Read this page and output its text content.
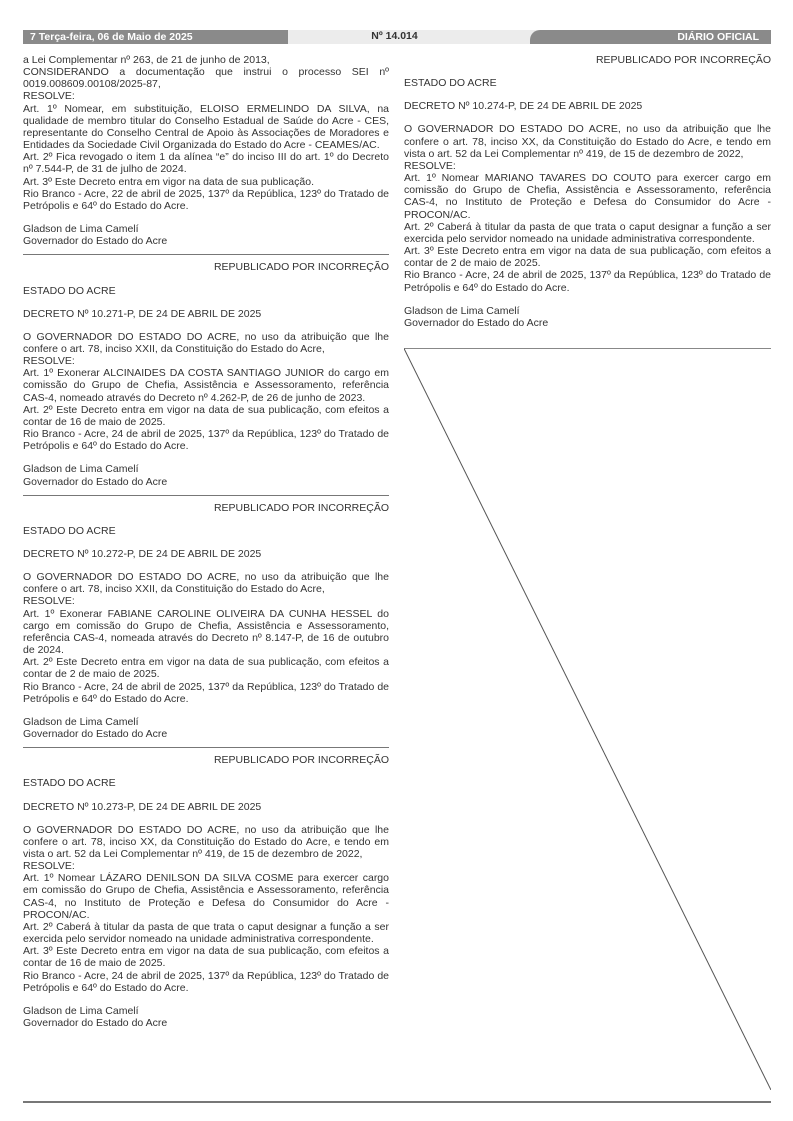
7 Terça-feira, 06 de Maio de 2025	Nº 14.014	DIÁRIO OFICIAL

a Lei Complementar nº 263, de 21 de junho de 2013,

CONSIDERANDO a documentação que instrui o processo SEI nº 0019.008609.00108/2025-87,

RESOLVE:

Art. 1º Nomear, em substituição, ELOISO ERMELINDO DA SILVA, na qualidade de membro titular do Conselho Estadual de Saúde do Acre - CES, representante do Conselho Central de Apoio às Associações de Moradores e Entidades da Sociedade Civil Organizada do Estado do Acre - CEAMES/AC.

Art. 2º Fica revogado o item 1 da alínea “e” do inciso III do art. 1º do Decreto nº 7.544-P, de 31 de julho de 2024.

Art. 3º Este Decreto entra em vigor na data de sua publicação.

Rio Branco - Acre, 22 de abril de 2025, 137º da República, 123º do Tratado de Petrópolis e 64º do Estado do Acre.

Gladson de Lima Camelí

Governador do Estado do Acre

REPUBLICADO POR INCORREÇÃO

ESTADO DO ACRE

DECRETO Nº 10.271-P, DE 24 DE ABRIL DE 2025

O GOVERNADOR DO ESTADO DO ACRE, no uso da atribuição que lhe confere o art. 78, inciso XXII, da Constituição do Estado do Acre,

RESOLVE:

Art. 1º Exonerar ALCINAIDES DA COSTA SANTIAGO JUNIOR do cargo em comissão do Grupo de Chefia, Assistência e Assessoramento, referência CAS-4, nomeado através do Decreto nº 4.262-P, de 26 de junho de 2023.

Art. 2º Este Decreto entra em vigor na data de sua publicação, com efeitos a contar de 16 de maio de 2025.

Rio Branco - Acre, 24 de abril de 2025, 137º da República, 123º do Tratado de Petrópolis e 64º do Estado do Acre.

Gladson de Lima Camelí

Governador do Estado do Acre

REPUBLICADO POR INCORREÇÃO

ESTADO DO ACRE

DECRETO Nº 10.272-P, DE 24 DE ABRIL DE 2025

O GOVERNADOR DO ESTADO DO ACRE, no uso da atribuição que lhe confere o art. 78, inciso XXII, da Constituição do Estado do Acre,

RESOLVE:

Art. 1º Exonerar FABIANE CAROLINE OLIVEIRA DA CUNHA HESSEL do cargo em comissão do Grupo de Chefia, Assistência e Assessoramento, referência CAS-4, nomeada através do Decreto nº 8.147-P, de 16 de outubro de 2024.

Art. 2º Este Decreto entra em vigor na data de sua publicação, com efeitos a contar de 2 de maio de 2025.

Rio Branco - Acre, 24 de abril de 2025, 137º da República, 123º do Tratado de Petrópolis e 64º do Estado do Acre.

Gladson de Lima Camelí

Governador do Estado do Acre

REPUBLICADO POR INCORREÇÃO

ESTADO DO ACRE

DECRETO Nº 10.273-P, DE 24 DE ABRIL DE 2025

O GOVERNADOR DO ESTADO DO ACRE, no uso da atribuição que lhe confere o art. 78, inciso XX, da Constituição do Estado do Acre, e tendo em vista o art. 52 da Lei Complementar nº 419, de 15 de dezembro de 2022,

RESOLVE:

Art. 1º Nomear LÁZARO DENILSON DA SILVA COSME para exercer cargo em comissão do Grupo de Chefia, Assistência e Assessoramento, referência CAS-4, no Instituto de Proteção e Defesa do Consumidor do Acre - PROCON/AC.

Art. 2º Caberá à titular da pasta de que trata o caput designar a função a ser exercida pelo servidor nomeado na unidade administrativa correspondente.

Art. 3º Este Decreto entra em vigor na data de sua publicação, com efeitos a contar de 16 de maio de 2025.

Rio Branco - Acre, 24 de abril de 2025, 137º da República, 123º do Tratado de Petrópolis e 64º do Estado do Acre.

Gladson de Lima Camelí

Governador do Estado do Acre

REPUBLICADO POR INCORREÇÃO

ESTADO DO ACRE

DECRETO Nº 10.274-P, DE 24 DE ABRIL DE 2025

O GOVERNADOR DO ESTADO DO ACRE, no uso da atribuição que lhe confere o art. 78, inciso XX, da Constituição do Estado do Acre, e tendo em vista o art. 52 da Lei Complementar nº 419, de 15 de dezembro de 2022,

RESOLVE:

Art. 1º Nomear MARIANO TAVARES DO COUTO para exercer cargo em comissão do Grupo de Chefia, Assistência e Assessoramento, referência CAS-4, no Instituto de Proteção e Defesa do Consumidor do Acre - PROCON/AC.

Art. 2º Caberá à titular da pasta de que trata o caput designar a função a ser exercida pelo servidor nomeado na unidade administrativa correspondente.

Art. 3º Este Decreto entra em vigor na data de sua publicação, com efeitos a contar de 2 de maio de 2025.

Rio Branco - Acre, 24 de abril de 2025, 137º da República, 123º do Tratado de Petrópolis e 64º do Estado do Acre.

Gladson de Lima Camelí

Governador do Estado do Acre
